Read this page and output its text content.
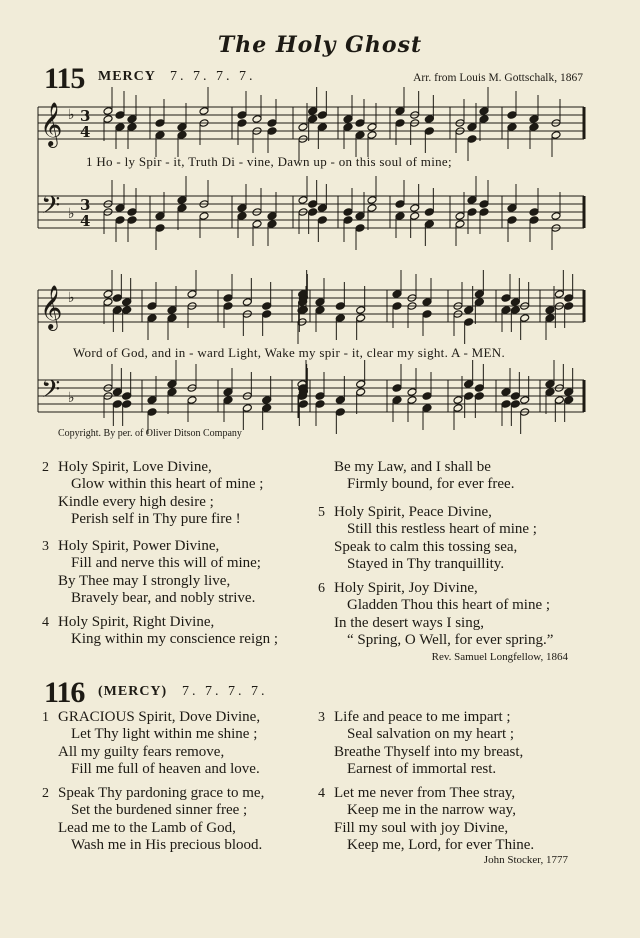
The Holy Ghost
115 MERCY 7. 7. 7. 7.	Arr. from Louis M. Gottschalk, 1867
𝄞
𝄢
♭
♭
3
4
3
4
𝄞
𝄢
♭
♭
1 Ho - ly Spir - it, Truth Di - vine, Dawn up - on this soul of mine;
Word of God, and in - ward Light, Wake my spir - it, clear my sight. A - MEN.
Copyright. By per. of Oliver Ditson Company
2 Holy Spirit, Love Divine,
Glow within this heart of mine ;
Kindle every high desire ;
Perish self in Thy pure fire !
3 Holy Spirit, Power Divine,
Fill and nerve this will of mine;
By Thee may I strongly live,
Bravely bear, and nobly strive.
4 Holy Spirit, Right Divine,
King within my conscience reign ;
Be my Law, and I shall be
Firmly bound, for ever free.
5 Holy Spirit, Peace Divine,
Still this restless heart of mine ;
Speak to calm this tossing sea,
Stayed in Thy tranquillity.
6 Holy Spirit, Joy Divine,
Gladden Thou this heart of mine ;
In the desert ways I sing,
“ Spring, O Well, for ever spring.”
Rev. Samuel Longfellow, 1864
116 (MERCY) 7. 7. 7. 7.
1 GRACIOUS Spirit, Dove Divine,
Let Thy light within me shine ;
All my guilty fears remove,
Fill me full of heaven and love.
2 Speak Thy pardoning grace to me,
Set the burdened sinner free ;
Lead me to the Lamb of God,
Wash me in His precious blood.
3 Life and peace to me impart ;
Seal salvation on my heart ;
Breathe Thyself into my breast,
Earnest of immortal rest.
4 Let me never from Thee stray,
Keep me in the narrow way,
Fill my soul with joy Divine,
Keep me, Lord, for ever Thine.
John Stocker, 1777
